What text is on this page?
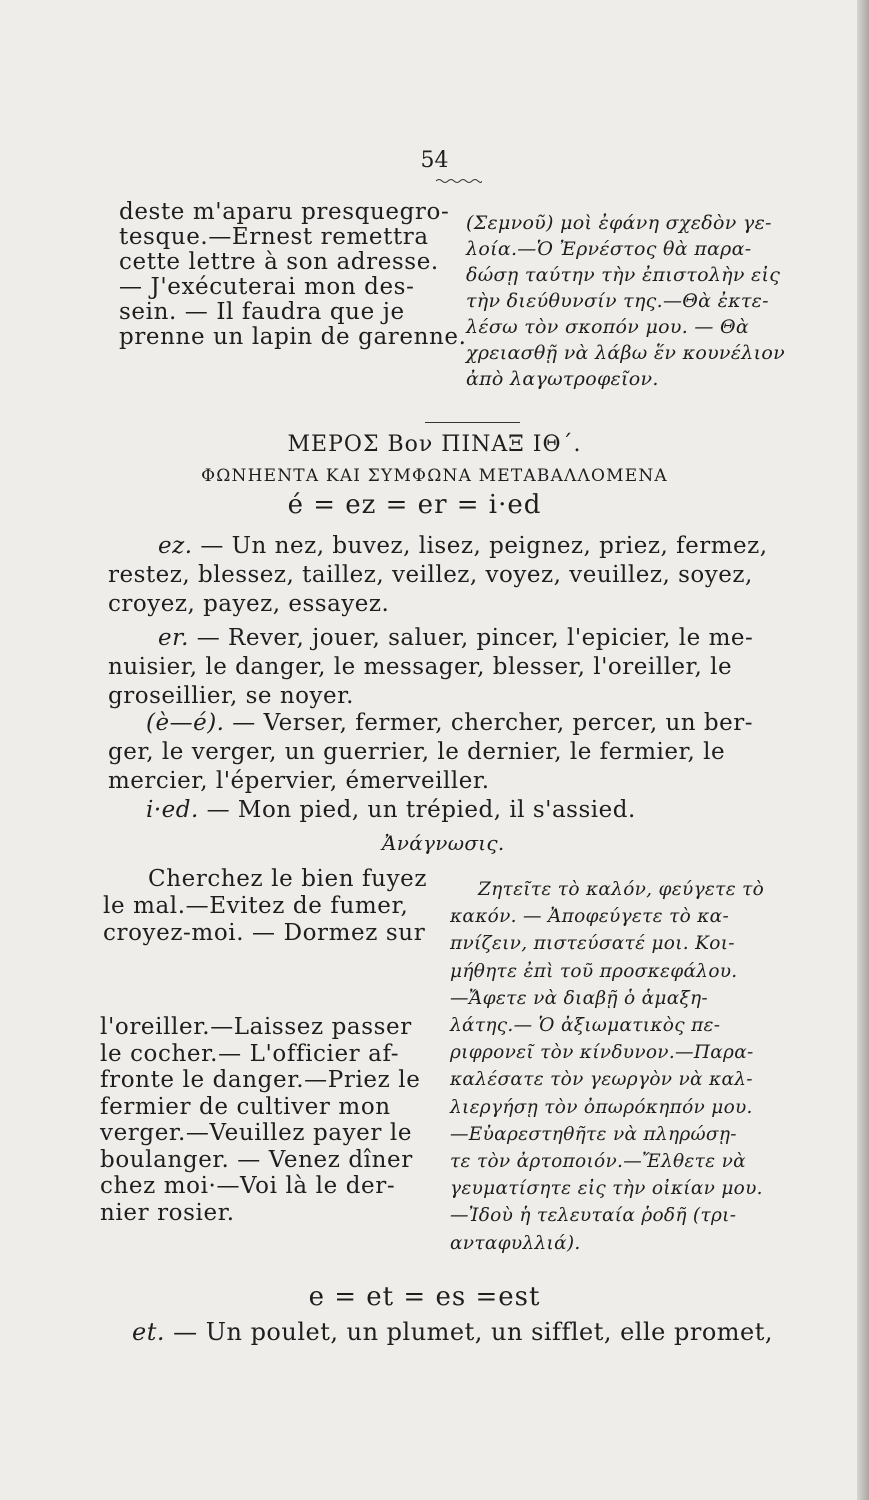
54
deste m'aparu presquegro-
tesque.—Ernest remettra
cette lettre à son adresse.
— J'exécuterai mon des-
sein. — Il faudra que je
prenne un lapin de garenne.
(Σεμνοῦ) μοὶ ἐφάνη σχεδὸν γε-
λοία.—Ὁ Ἐρνέστος θὰ παρα-
δώσῃ ταύτην τὴν ἐπιστολὴν εἰς
τὴν διεύθυνσίν της.—Θὰ ἐκτε-
λέσω τὸν σκοπόν μου. — Θὰ
χρειασθῇ νὰ λάβω ἕν κουνέλιον
ἀπὸ λαγωτροφεῖον.
ΜΕΡΟΣ Βον ΠΙΝΑΞ ΙΘ΄.
ΦΩΝΗΕΝΤΑ ΚΑΙ ΣΥΜΦΩΝΑ ΜΕΤΑΒΑΛΛΟΜΕΝΑ
é = ez = er = i·ed
ez. — Un nez, buvez, lisez, peignez, priez, fermez,
restez, blessez, taillez, veillez, voyez, veuillez, soyez,
croyez, payez, essayez.
er. — Rever, jouer, saluer, pincer, l'epicier, le me-
nuisier, le danger, le messager, blesser, l'oreiller, le
groseillier, se noyer.
(è—é). — Verser, fermer, chercher, percer, un ber-
ger, le verger, un guerrier, le dernier, le fermier, le
mercier, l'épervier, émerveiller.
i·ed. — Mon pied, un trépied, il s'assied.
Ἀνάγνωσις.
Cherchez le bien fuyez
le mal.—Evitez de fumer,
croyez-moi. — Dormez sur
l'oreiller.—Laissez passer
le cocher.— L'officier af-
fronte le danger.—Priez le
fermier de cultiver mon
verger.—Veuillez payer le
boulanger. — Venez dîner
chez moi·—Voi là le der-
nier rosier.
Ζητεῖτε τὸ καλόν, φεύγετε τὸ
κακόν. — Ἀποφεύγετε τὸ κα-
πνίζειν, πιστεύσατέ μοι. Κοι-
μήθητε ἐπὶ τοῦ προσκεφάλου.
—Ἄφετε νὰ διαβῇ ὁ ἁμαξη-
λάτης.— Ὁ ἀξιωματικὸς πε-
ριφρονεῖ τὸν κίνδυνον.—Παρα-
καλέσατε τὸν γεωργὸν νὰ καλ-
λιεργήσῃ τὸν ὀπωρόκηπόν μου.
—Εὐαρεστηθῆτε νὰ πληρώσῃ-
τε τὸν ἀρτοποιόν.—Ἔλθετε νὰ
γευματίσητε εἰς τὴν οἰκίαν μου.
—Ἰδοὺ ἡ τελευταία ῥοδῆ (τρι-
ανταφυλλιά).
e = et = es =est
et. — Un poulet, un plumet, un sifflet, elle promet,
